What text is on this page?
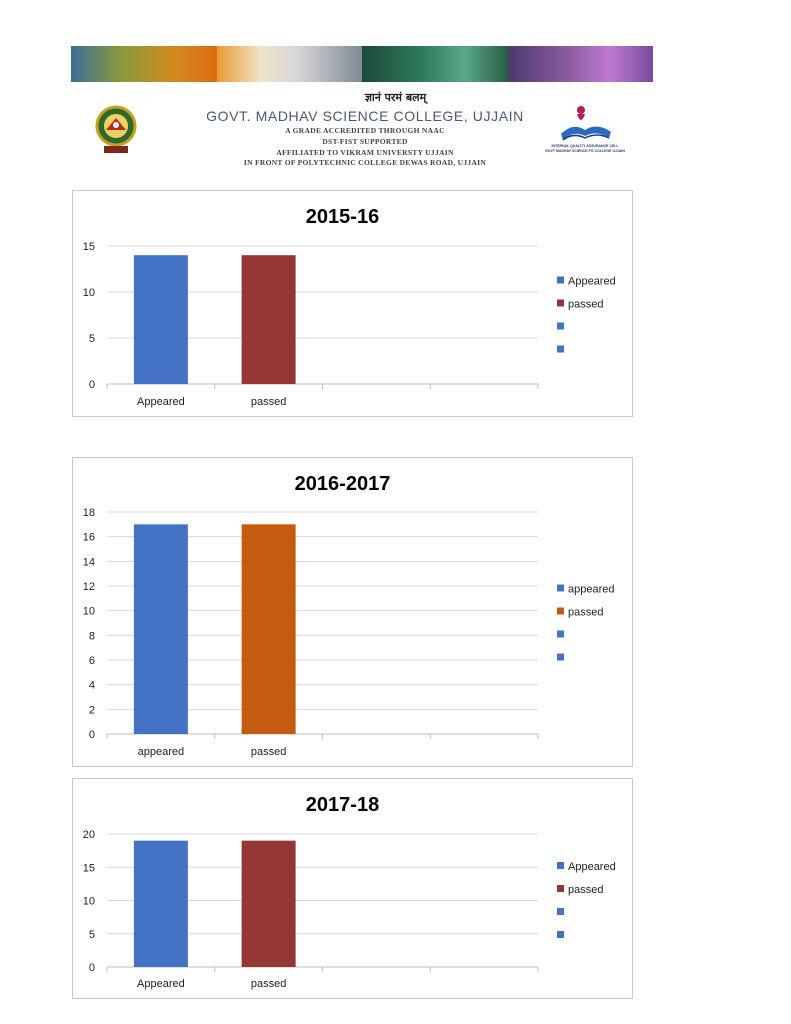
ज्ञानं परमं बलम्
GOVT. MADHAV SCIENCE COLLEGE, UJJAIN
A GRADE ACCREDITED THROUGH NAAC
DST-FIST SUPPORTED
AFFILIATED TO VIKRAM UNIVERSTY UJJAIN
IN FRONT OF POLYTECHNIC COLLEGE DEWAS ROAD, UJJAIN
INTERNAL QUALITY ASSURANCE CELL
GOVT MADHAV SCIENCE PG COLLEGE UJJAIN
2015-16
0
5
10
15
Appeared	passed
Appeared
passed
2016-2017
0
2
4
6
8
10
12
14
16
18
appeared	passed
appeared
passed
2017-18
0
5
10
15
20
Appeared	passed
Appeared
passed
